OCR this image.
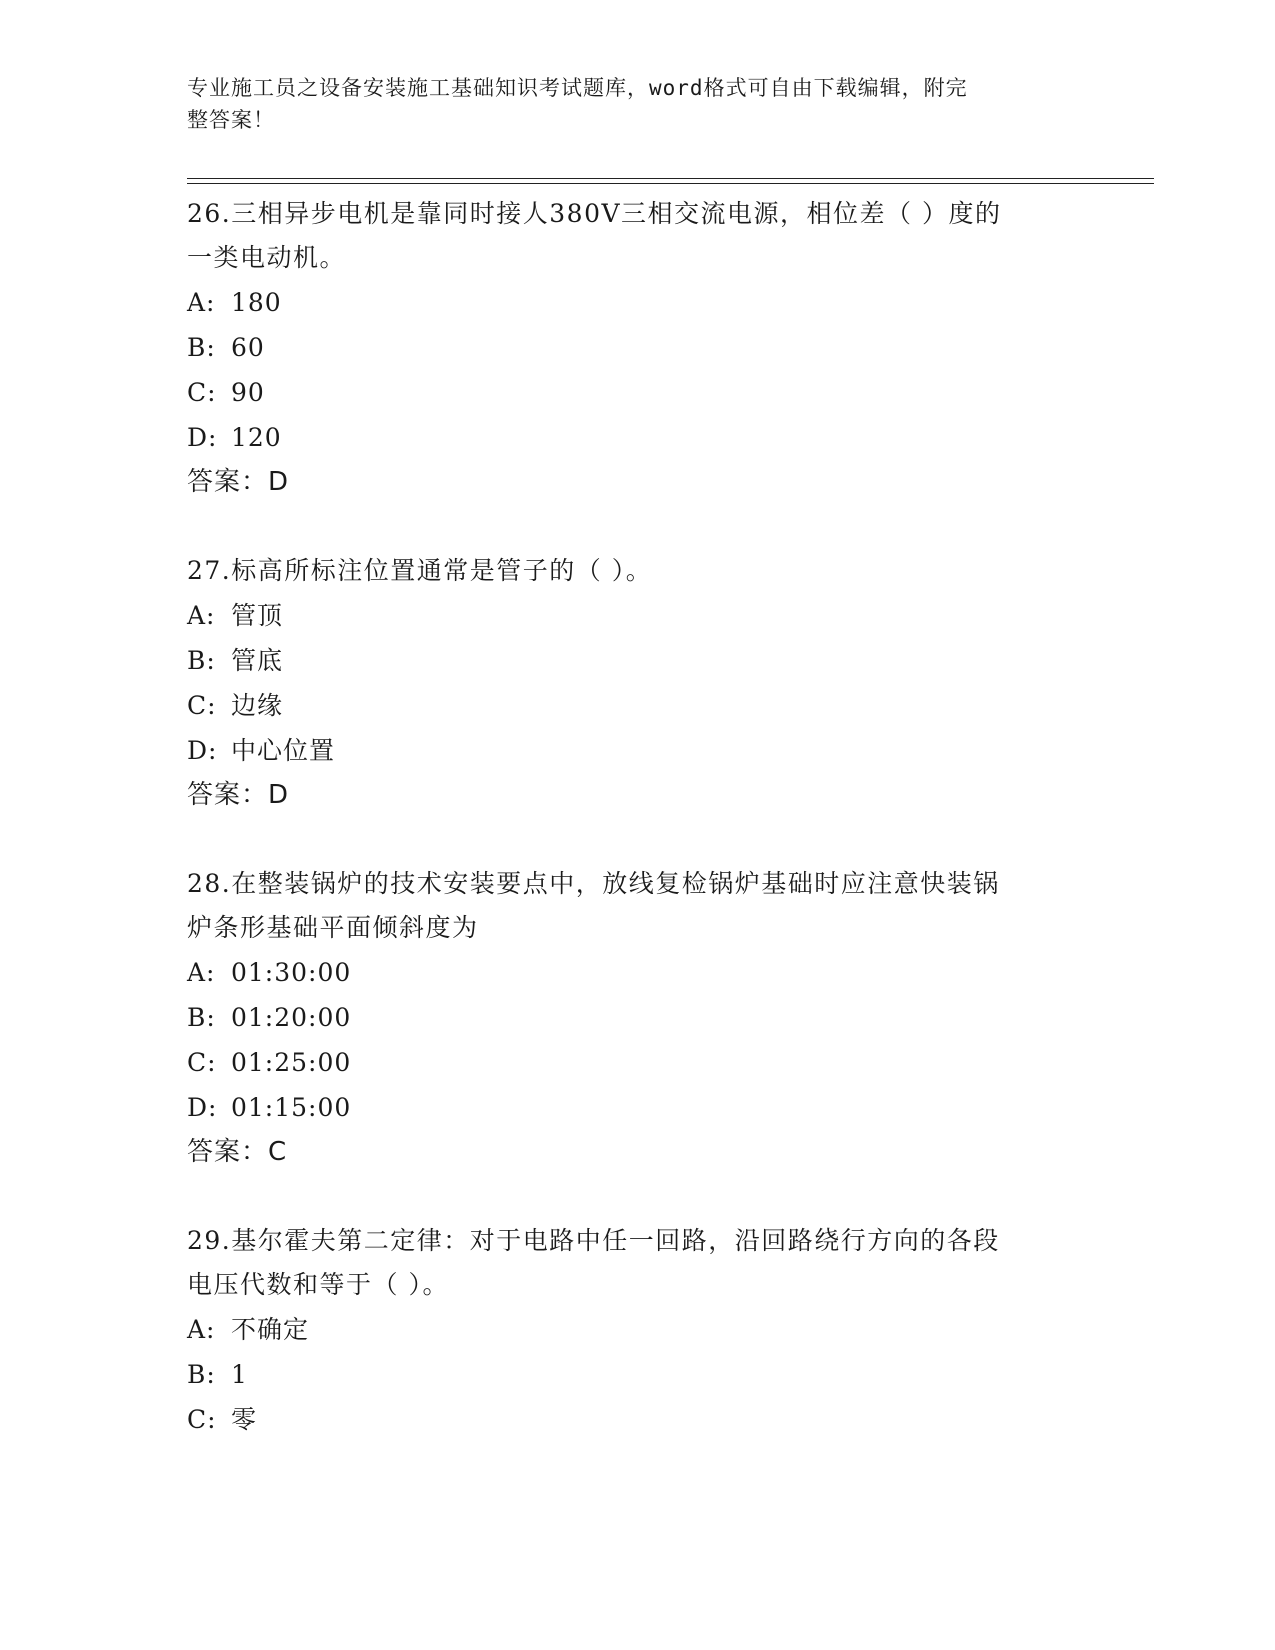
专业施工员之设备安装施工基础知识考试题库，word格式可自由下载编辑，附完
整答案！

26.三相异步电机是靠同时接人380V三相交流电源，相位差（ ）度的

一类电动机。

A: 180

B: 60

C: 90

D: 120

答案：D

27.标高所标注位置通常是管子的（ ）。

A: 管顶

B: 管底

C: 边缘

D: 中心位置

答案：D

28.在整装锅炉的技术安装要点中，放线复检锅炉基础时应注意快装锅

炉条形基础平面倾斜度为

A: 01:30:00

B: 01:20:00

C: 01:25:00

D: 01:15:00

答案：C

29.基尔霍夫第二定律：对于电路中任一回路，沿回路绕行方向的各段

电压代数和等于（ ）。

A: 不确定

B: 1

C: 零
